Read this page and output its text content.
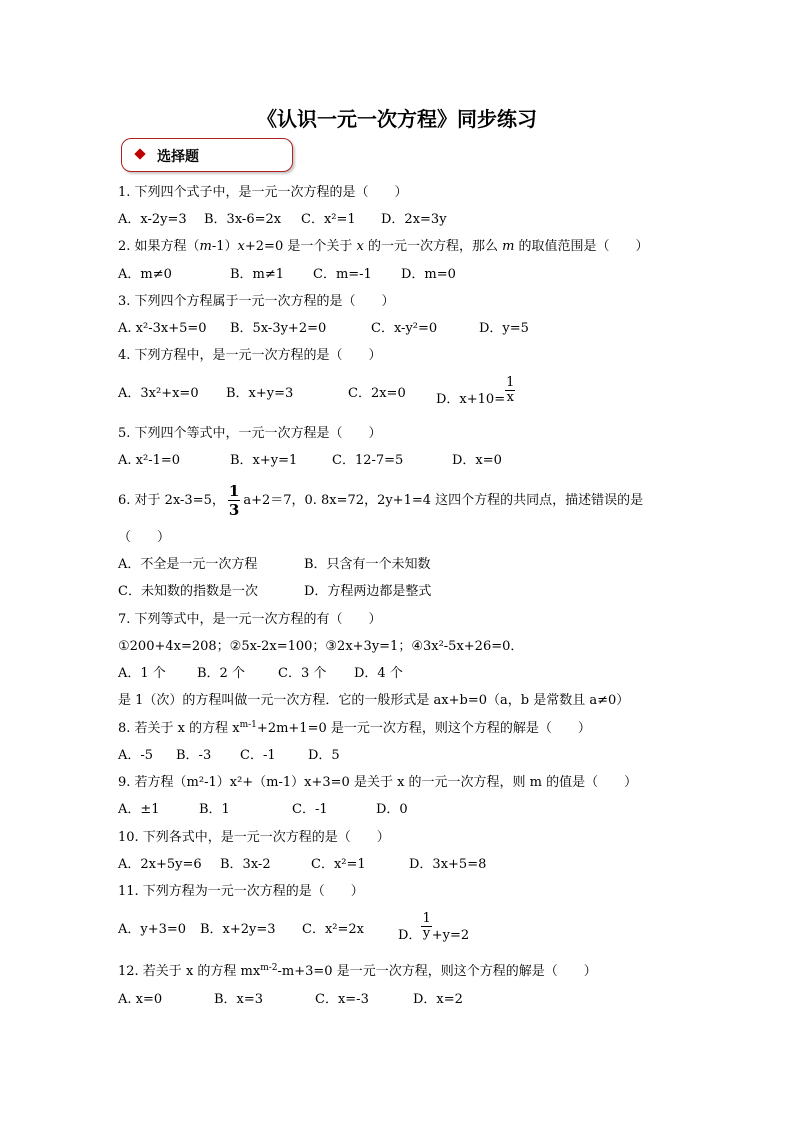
《认识一元一次方程》同步练习
选择题
1. 下列四个式子中，是一元一次方程的是（　　）
A．x-2y=3 B．3x-6=2x C．x²=1 D．2x=3y
2. 如果方程（m-1）x+2=0 是一个关于 x 的一元一次方程，那么 m 的取值范围是（　　）
A．m≠0	B．m≠1 C．m=-1 D．m=0
3. 下列四个方程属于一元一次方程的是（　　）
A. x²-3x+5=0 B．5x-3y+2=0	C．x-y²=0	D．y=5
4. 下列方程中，是一元一次方程的是（　　）
A．3x²+x=0 B．x+y=3	C．2x=0 D．$x+10= \frac{1}{x}$
5. 下列四个等式中，一元一次方程是（　　）
A. x²-1=0	B．x+y=1	C．12-7=5	D．x=0
6. 对于 2x-3=5， $\frac{1}{3} a+2=7$，0. 8x=72，2y+1=4 这四个方程的共同点，描述错误的是
（　　）
A．不全是一元一次方程	B．只含有一个未知数
C．未知数的指数是一次	D．方程两边都是整式
7. 下列等式中，是一元一次方程的有（　　）
①200+4x=208；②5x-2x=100；③2x+3y=1；④3x²-5x+26=0．
A．1 个 B．2 个	C．3 个 D．4 个
是 1（次）的方程叫做一元一次方程．它的一般形式是 ax+b=0（a，b 是常数且 a≠0）
8. 若关于 x 的方程 $x^{m-1}+2m+1=0$ 是一元一次方程，则这个方程的解是（　　）
A．-5 B．-3 C．-1 D．5
9. 若方程（m²-1）x²+（m-1）x+3=0 是关于 x 的一元一次方程，则 m 的值是（　　）
A．±1	B．1	C．-1	D．0
10. 下列各式中，是一元一次方程的是（　　）
A．2x+5y=6 B．3x-2	C．x²=1	D．3x+5=8
11. 下列方程为一元一次方程的是（　　）
A．y+3=0 B．x+2y=3 C．x²=2x	D． $\frac{1}{y} +y=2$
12. 若关于 x 的方程 $mx^{m-2}-m+3=0$ 是一元一次方程，则这个方程的解是（　　）
A. x=0	B．x=3	C．x=-3	D．x=2
